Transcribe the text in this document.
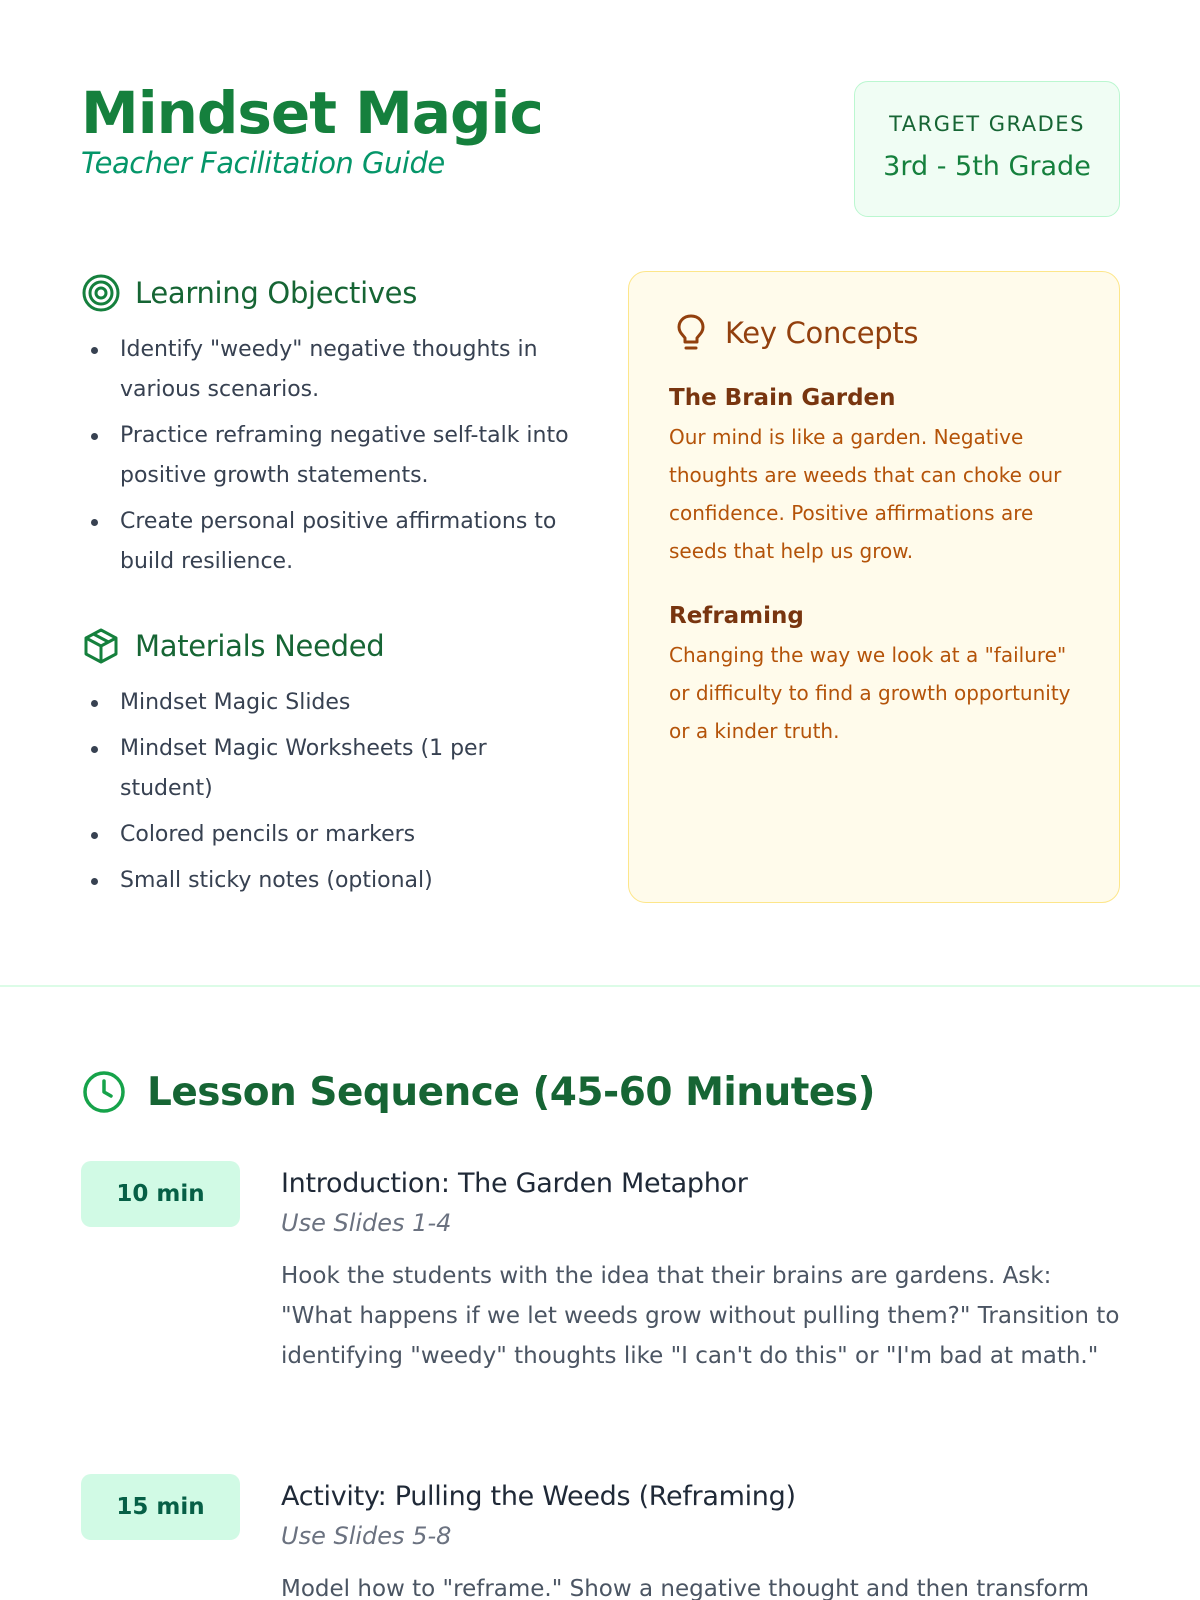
Mindset Magic
Teacher Facilitation Guide
TARGET GRADES
3rd - 5th Grade
Learning Objectives
Identify "weedy" negative thoughts in various scenarios.
Practice reframing negative self-talk into positive growth statements.
Create personal positive affirmations to build resilience.
Materials Needed
Mindset Magic Slides
Mindset Magic Worksheets (1 per student)
Colored pencils or markers
Small sticky notes (optional)
Key Concepts
The Brain Garden
Our mind is like a garden. Negative thoughts are weeds that can choke our confidence. Positive affirmations are seeds that help us grow.
Reframing
Changing the way we look at a "failure" or difficulty to find a growth opportunity or a kinder truth.
Lesson Sequence (45-60 Minutes)
10 min	Introduction: The Garden Metaphor
Use Slides 1-4
Hook the students with the idea that their brains are gardens. Ask: "What happens if we let weeds grow without pulling them?" Transition to identifying "weedy" thoughts like "I can't do this" or "I'm bad at math."
15 min	Activity: Pulling the Weeds (Reframing)
Use Slides 5-8
Model how to "reframe." Show a negative thought and then transform
